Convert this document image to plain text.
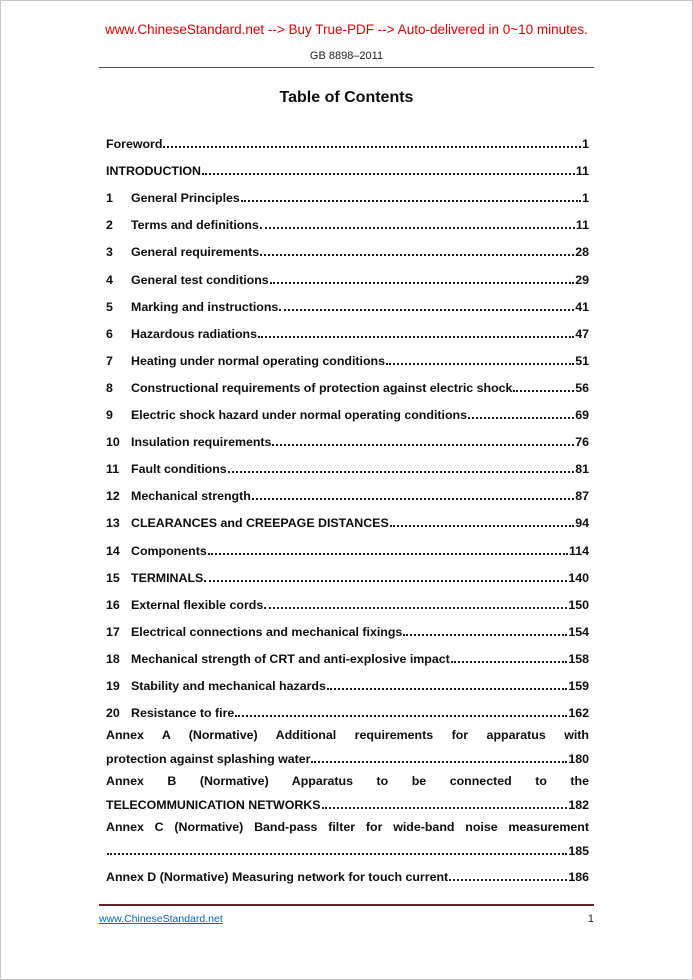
www.ChineseStandard.net --> Buy True-PDF --> Auto-delivered in 0~10 minutes.
GB 8898–2011
Table of Contents
Foreword	1
INTRODUCTION	11
1	General Principles	1
2	Terms and definitions	11
3	General requirements	28
4	General test conditions	29
5	Marking and instructions	41
6	Hazardous radiations	47
7	Heating under normal operating conditions	51
8	Constructional requirements of protection against electric shock	56
9	Electric shock hazard under normal operating conditions	69
10 Insulation requirements	76
11 Fault conditions	81
12 Mechanical strength	87
13 CLEARANCES and CREEPAGE DISTANCES	94
14 Components	114
15 TERMINALS	140
16 External flexible cords	150
17 Electrical connections and mechanical fixings	154
18 Mechanical strength of CRT and anti-explosive impact	158
19 Stability and mechanical hazards	159
20 Resistance to fire	162
Annex A (Normative) Additional requirements for apparatus with
protection against splashing water	180
Annex B (Normative) Apparatus to be connected to the
TELECOMMUNICATION NETWORKS	182
Annex C (Normative) Band-pass filter for wide-band noise measurement
185
Annex D (Normative) Measuring network for touch current	186
www.ChineseStandard.net	1
